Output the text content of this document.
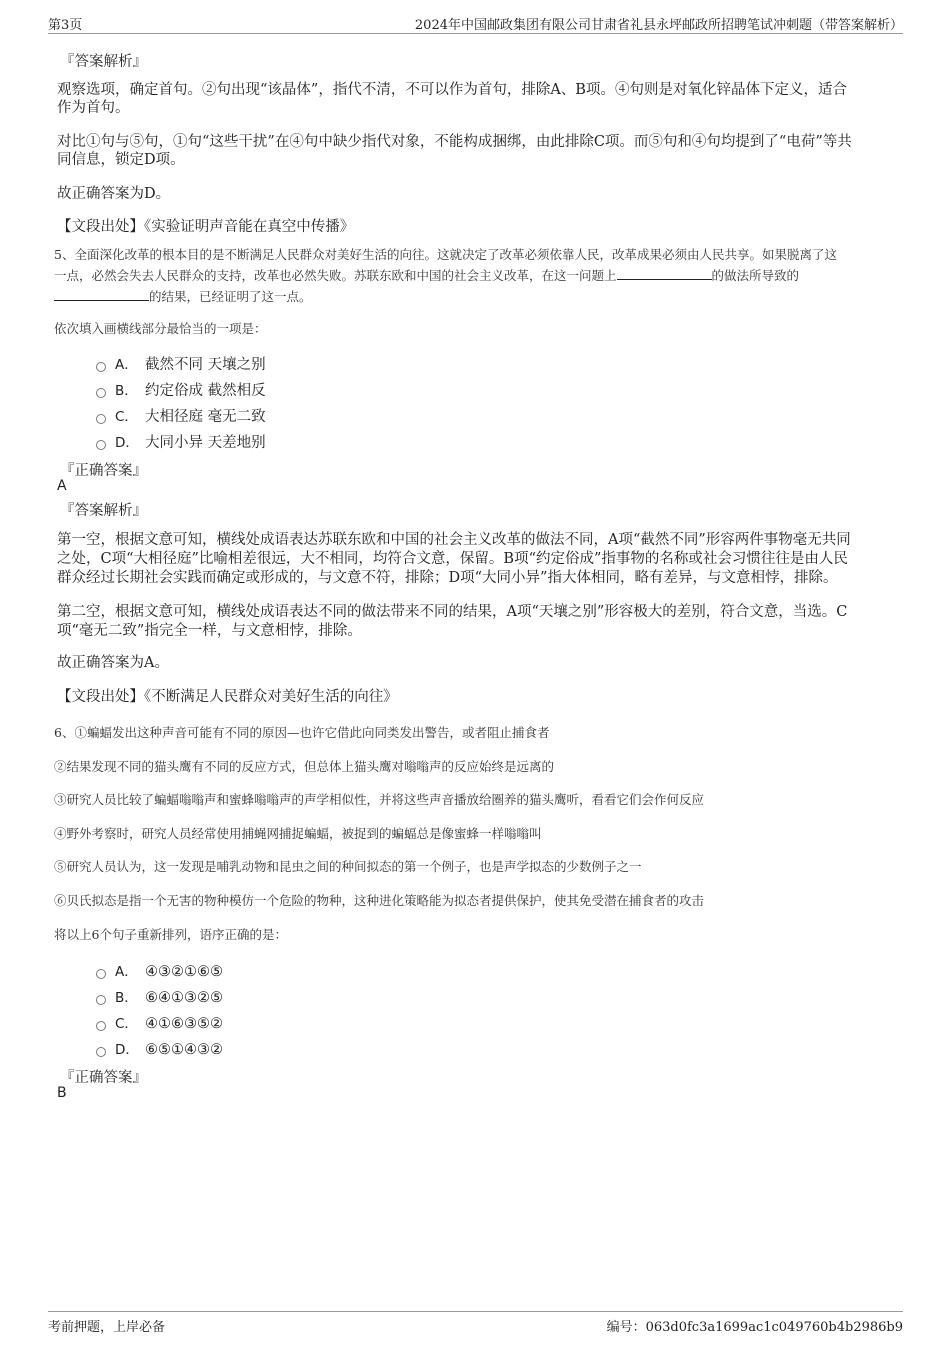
第3页	2024年中国邮政集团有限公司甘肃省礼县永坪邮政所招聘笔试冲刺题（带答案解析）
『答案解析』
观察选项，确定首句。②句出现“该晶体”，指代不清，不可以作为首句，排除A、B项。④句则是对氧化锌晶体下定义，适合
作为首句。
对比①句与⑤句，①句“这些干扰”在④句中缺少指代对象，不能构成捆绑，由此排除C项。而⑤句和④句均提到了“电荷”等共
同信息，锁定D项。
故正确答案为D。
【文段出处】《实验证明声音能在真空中传播》
5、全面深化改革的根本目的是不断满足人民群众对美好生活的向往。这就决定了改革必须依靠人民，改革成果必须由人民共享。如果脱离了这
一点，必然会失去人民群众的支持，改革也必然失败。苏联东欧和中国的社会主义改革，在这一问题上	的做法所导致的
的结果，已经证明了这一点。
依次填入画横线部分最恰当的一项是：
A． 截然不同 天壤之别
B． 约定俗成 截然相反
C． 大相径庭 毫无二致
D． 大同小异 天差地别
『正确答案』
A
『答案解析』
第一空，根据文意可知，横线处成语表达苏联东欧和中国的社会主义改革的做法不同，A项“截然不同”形容两件事物毫无共同
之处，C项“大相径庭”比喻相差很远，大不相同，均符合文意，保留。B项“约定俗成”指事物的名称或社会习惯往往是由人民
群众经过长期社会实践而确定或形成的，与文意不符，排除；D项“大同小异”指大体相同，略有差异，与文意相悖，排除。
第二空，根据文意可知，横线处成语表达不同的做法带来不同的结果，A项“天壤之别”形容极大的差别，符合文意，当选。C
项“毫无二致”指完全一样，与文意相悖，排除。
故正确答案为A。
【文段出处】《不断满足人民群众对美好生活的向往》
6、①蝙蝠发出这种声音可能有不同的原因—也许它借此向同类发出警告，或者阻止捕食者
②结果发现不同的猫头鹰有不同的反应方式，但总体上猫头鹰对嗡嗡声的反应始终是远离的
③研究人员比较了蝙蝠嗡嗡声和蜜蜂嗡嗡声的声学相似性，并将这些声音播放给圈养的猫头鹰听，看看它们会作何反应
④野外考察时，研究人员经常使用捕蝇网捕捉蝙蝠，被捉到的蝙蝠总是像蜜蜂一样嗡嗡叫
⑤研究人员认为，这一发现是哺乳动物和昆虫之间的种间拟态的第一个例子，也是声学拟态的少数例子之一
⑥贝氏拟态是指一个无害的物种模仿一个危险的物种，这种进化策略能为拟态者提供保护，使其免受潜在捕食者的攻击
将以上6个句子重新排列，语序正确的是：
A． ④③②①⑥⑤
B． ⑥④①③②⑤
C． ④①⑥③⑤②
D． ⑥⑤①④③②
『正确答案』
B
考前押题，上岸必备	编号：063d0fc3a1699ac1c049760b4b2986b9
